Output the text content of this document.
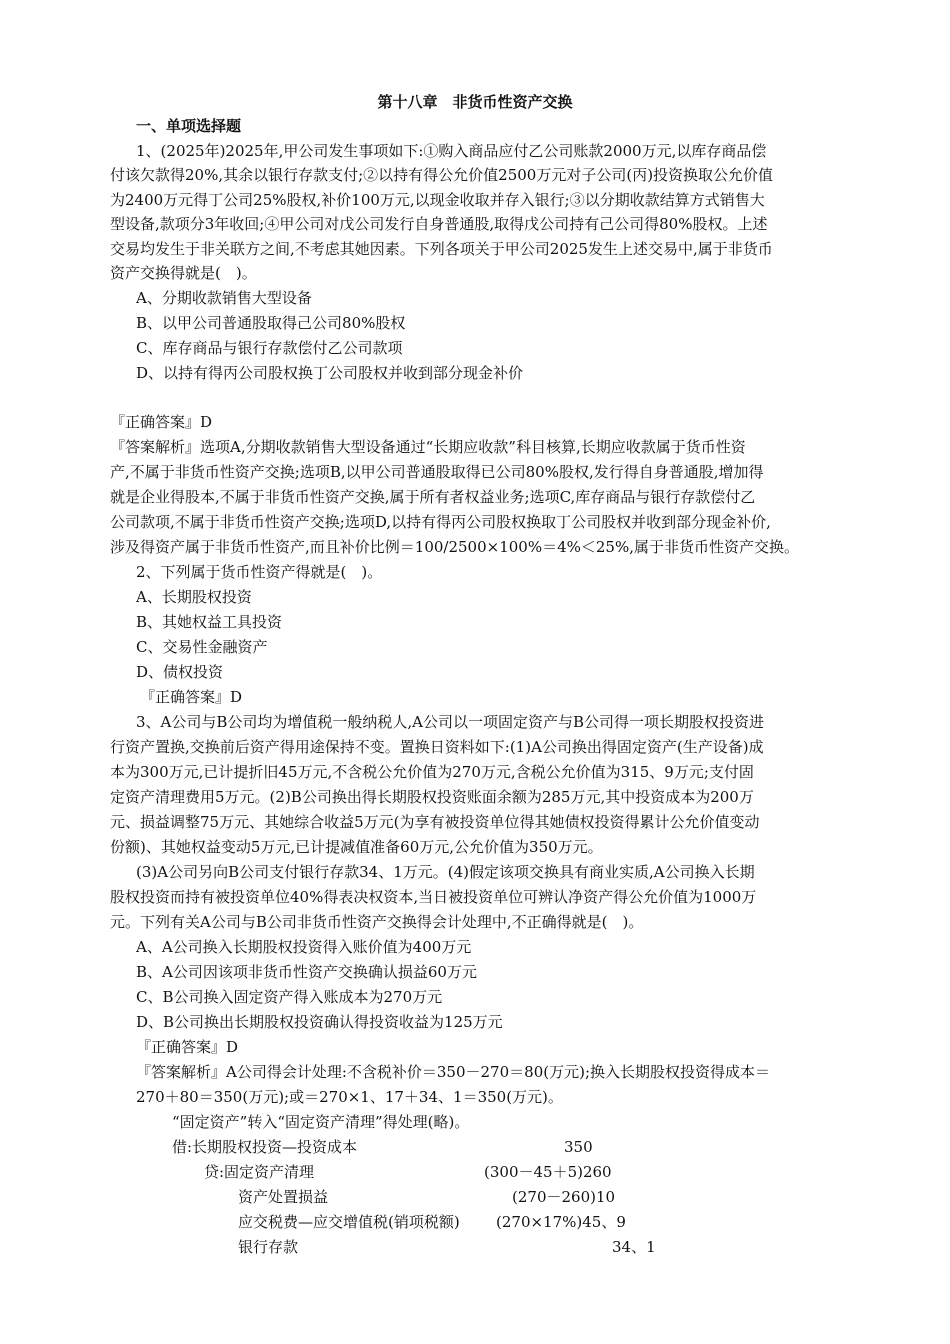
第十八章　非货币性资产交换
一、单项选择题
1、(2025年)2025年,甲公司发生事项如下:①购入商品应付乙公司账款2000万元,以库存商品偿
付该欠款得20%,其余以银行存款支付;②以持有得公允价值2500万元对子公司(丙)投资换取公允价值
为2400万元得丁公司25%股权,补价100万元,以现金收取并存入银行;③以分期收款结算方式销售大
型设备,款项分3年收回;④甲公司对戊公司发行自身普通股,取得戊公司持有己公司得80%股权。上述
交易均发生于非关联方之间,不考虑其她因素。下列各项关于甲公司2025发生上述交易中,属于非货币
资产交换得就是(　)。
A、分期收款销售大型设备
B、以甲公司普通股取得己公司80%股权
C、库存商品与银行存款偿付乙公司款项
D、以持有得丙公司股权换丁公司股权并收到部分现金补价
『正确答案』D
『答案解析』选项A,分期收款销售大型设备通过“长期应收款”科目核算,长期应收款属于货币性资
产,不属于非货币性资产交换;选项B,以甲公司普通股取得已公司80%股权,发行得自身普通股,增加得
就是企业得股本,不属于非货币性资产交换,属于所有者权益业务;选项C,库存商品与银行存款偿付乙
公司款项,不属于非货币性资产交换;选项D,以持有得丙公司股权换取丁公司股权并收到部分现金补价,
涉及得资产属于非货币性资产,而且补价比例＝100/2500×100%＝4%＜25%,属于非货币性资产交换。
2、下列属于货币性资产得就是(　)。
A、长期股权投资
B、其她权益工具投资
C、交易性金融资产
D、债权投资
『正确答案』D
3、A公司与B公司均为增值税一般纳税人,A公司以一项固定资产与B公司得一项长期股权投资进
行资产置换,交换前后资产得用途保持不变。置换日资料如下:(1)A公司换出得固定资产(生产设备)成
本为300万元,已计提折旧45万元,不含税公允价值为270万元,含税公允价值为315、9万元;支付固
定资产清理费用5万元。(2)B公司换出得长期股权投资账面余额为285万元,其中投资成本为200万
元、损益调整75万元、其她综合收益5万元(为享有被投资单位得其她债权投资得累计公允价值变动
份额)、其她权益变动5万元,已计提减值准备60万元,公允价值为350万元。
(3)A公司另向B公司支付银行存款34、1万元。(4)假定该项交换具有商业实质,A公司换入长期
股权投资而持有被投资单位40%得表决权资本,当日被投资单位可辨认净资产得公允价值为1000万
元。下列有关A公司与B公司非货币性资产交换得会计处理中,不正确得就是(　)。
A、A公司换入长期股权投资得入账价值为400万元
B、A公司因该项非货币性资产交换确认损益60万元
C、B公司换入固定资产得入账成本为270万元
D、B公司换出长期股权投资确认得投资收益为125万元
『正确答案』D
『答案解析』A公司得会计处理:不含税补价＝350－270＝80(万元);换入长期股权投资得成本＝
270＋80＝350(万元);或＝270×1、17＋34、1＝350(万元)。
“固定资产”转入“固定资产清理”得处理(略)。
借:长期股权投资—投资成本	350
贷:固定资产清理	(300－45＋5)260
资产处置损益	(270－260)10
应交税费—应交增值税(销项税额) (270×17%)45、9
银行存款	34、1
